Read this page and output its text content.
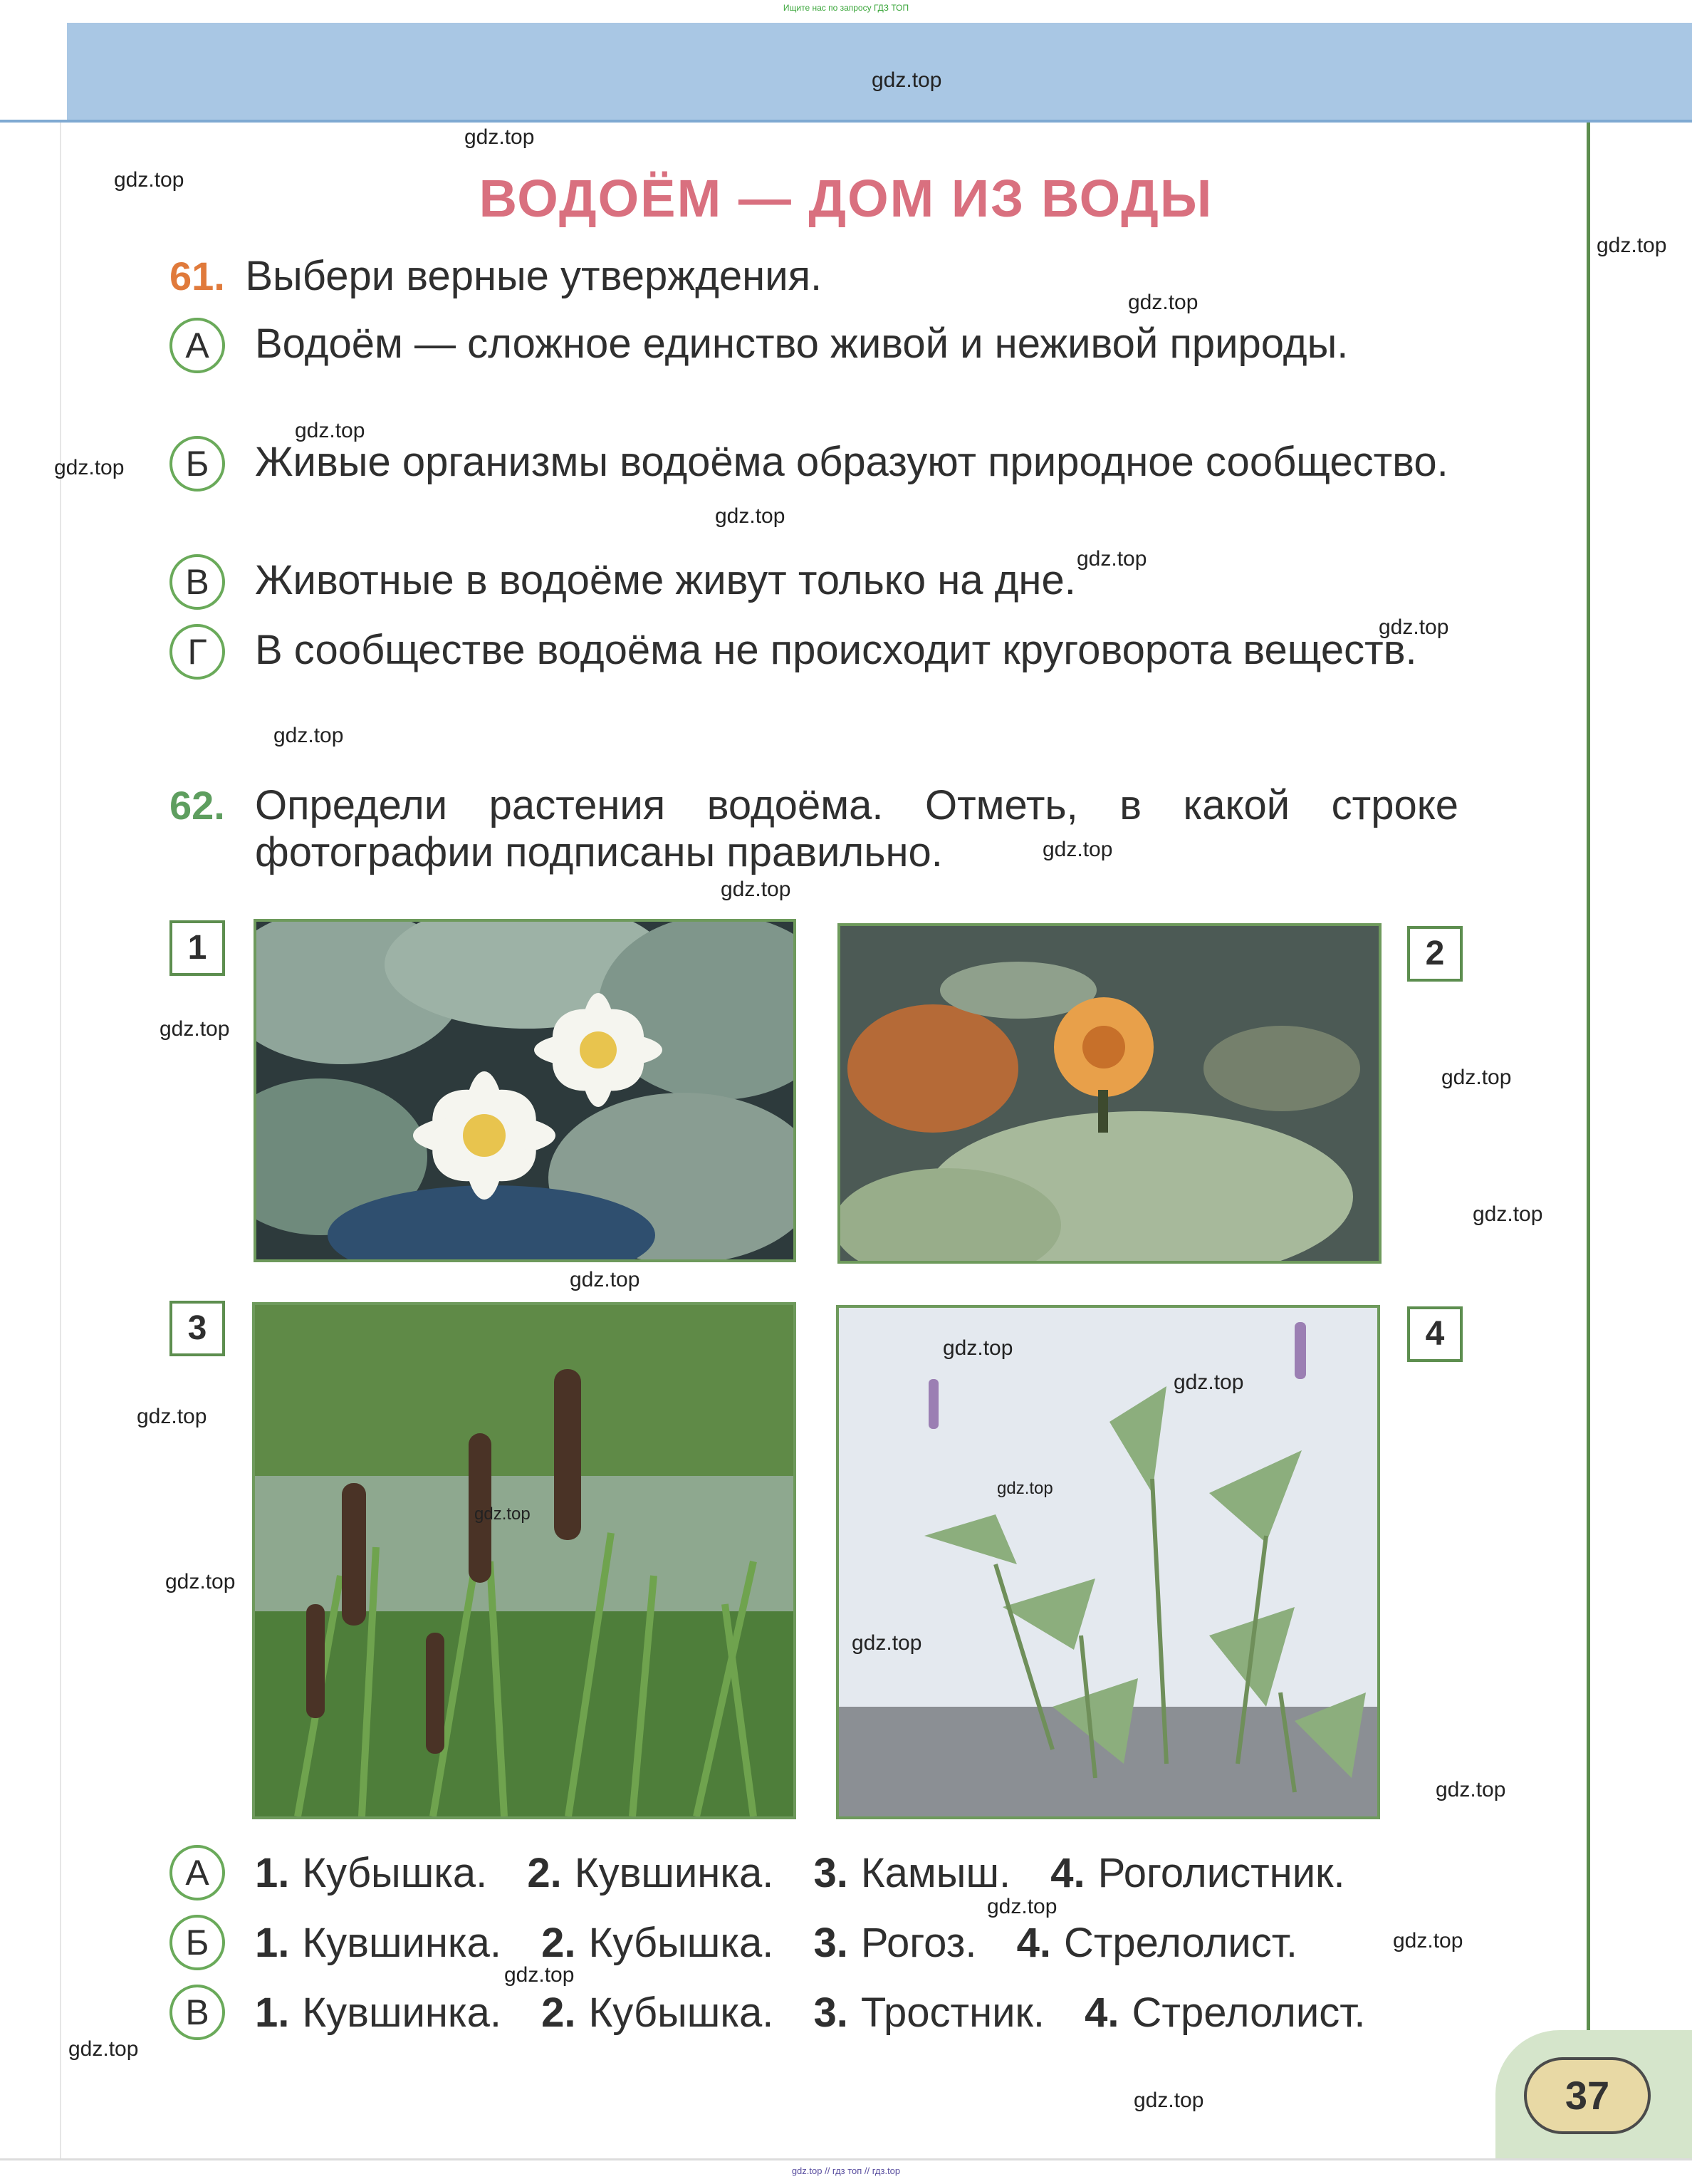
Ищите нас по запросу ГДЗ ТОП
37
ВОДОЁМ — ДОМ ИЗ ВОДЫ
61. Выбери верные утверждения.
А	Водоём — сложное единство живой и неживой природы.
Б	Живые организмы водоёма образуют природное сообщество.
В	Животные в водоёме живут только на дне.
Г	В сообществе водоёма не происходит круговорота веществ.
62. Определи растения водоёма. Отметь, в какой строке фотографии подписаны правильно.
1	2
3	4
А	1. Кубышка. 2. Кувшинка. 3. Камыш. 4. Роголистник.
Б	1. Кувшинка. 2. Кубышка. 3. Рогоз. 4. Стрелолист.
В	1. Кувшинка. 2. Кубышка. 3. Тростник. 4. Стрелолист.
gdz.top
gdz.top
gdz.top
gdz.top
gdz.top
gdz.top
gdz.top
gdz.top
gdz.top
gdz.top
gdz.top
gdz.top
gdz.top
gdz.top
gdz.top
gdz.top
gdz.top
gdz.top
gdz.top
gdz.top
gdz.top
gdz.top
gdz.top
gdz.top
gdz.top
gdz.top
gdz.top
gdz.top
gdz.top
gdz.top
gdz.top // гдз топ // гдз.top
